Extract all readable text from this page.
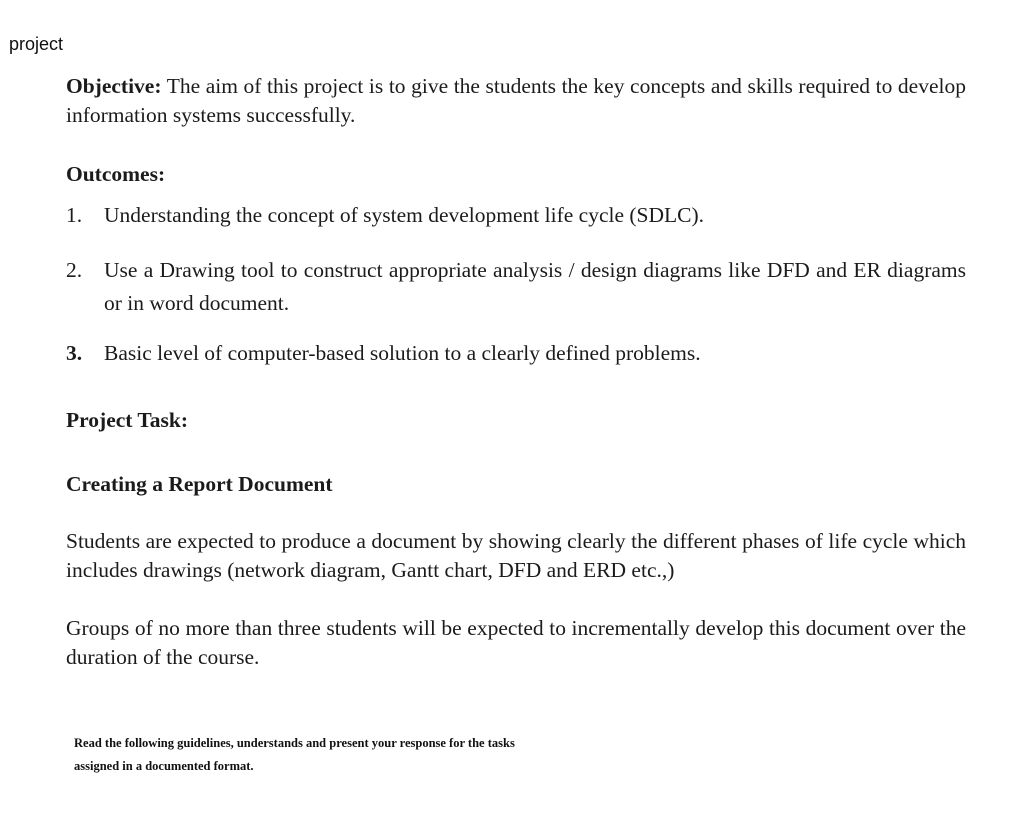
project

Objective: The aim of this project is to give the students the key concepts and skills required to develop information systems successfully.

Outcomes:
1. Understanding the concept of system development life cycle (SDLC).
2. Use a Drawing tool to construct appropriate analysis / design diagrams like DFD and ER diagrams or in word document.
3. Basic level of computer-based solution to a clearly defined problems.
Project Task:
Creating a Report Document

Students are expected to produce a document by showing clearly the different phases of life cycle which includes drawings (network diagram, Gantt chart, DFD and ERD etc.,)

Groups of no more than three students will be expected to incrementally develop this document over the duration of the course.

Read the following guidelines, understands and present your response for the tasks
assigned in a documented format.
